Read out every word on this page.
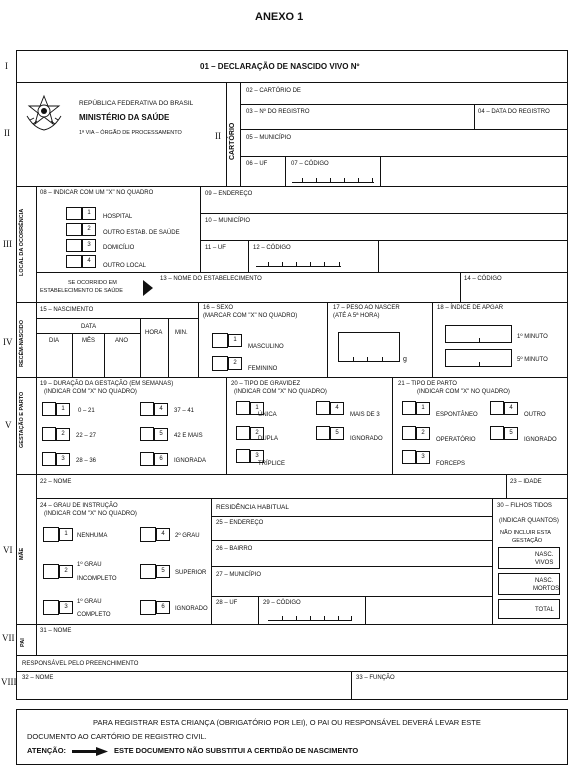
ANEXO 1
I
II
III
IV
V
VI
VII
VIII
01 – DECLARAÇÃO DE NASCIDO VIVO Nº
REPÚBLICA FEDERATIVA DO BRASIL
MINISTÉRIO DA SAÚDE
1ª VIA – ÓRGÃO DE PROCESSAMENTO	II CARTÓRIO
02 – CARTÓRIO DE
03 – Nº DO REGISTRO	04 – DATA DO REGISTRO
05 – MUNICÍPIO
06 – UF	07 – CÓDIGO
LOCAL DA OCORRÊNCIA
08 – INDICAR COM UM "X" NO QUADRO
1
HOSPITAL
2
OUTRO ESTAB. DE SAÚDE
3	DOMICÍLIO
4
OUTRO LOCAL
09 – ENDEREÇO
10 – MUNICÍPIO
11 – UF	12 – CÓDIGO
SE OCORRIDO EM
ESTABELECIMENTO DE SAÚDE
13 – NOME DO ESTABELECIMENTO	14 – CÓDIGO
RECÉM-NASCIDO
15 – NASCIMENTO
DATA
DIA	MÊS	ANO
HORA MIN.
16 – SEXO
(MARCAR COM "X" NO QUADRO)
1
MASCULINO
2
FEMININO
17 – PESO AO NASCER
(ATÉ A 5ª HORA)
g
18 – ÍNDICE DE APGAR
1º MINUTO
5º MINUTO
GESTAÇÃO E PARTO
19 – DURAÇÃO DA GESTAÇÃO (EM SEMANAS)
(INDICAR COM "X" NO QUADRO)
1	0 – 21
2	22 – 27
3	28 – 36
4	37 – 41
5	42 E MAIS
6	IGNORADA
20 – TIPO DE GRAVIDEZ
(INDICAR COM "X" NO QUADRO)
1
ÚNICA
2
DUPLA
3
TRÍPLICE
4
MAIS DE 3
5
IGNORADO
21 – TIPO DE PARTO
(INDICAR COM "X" NO QUADRO)
1
ESPONTÂNEO
2
OPERATÓRIO
3
FORCEPS
4
OUTRO
5
IGNORADO
MÃE
22 – NOME	23 – IDADE
24 – GRAU DE INSTRUÇÃO
(INDICAR COM "X" NO QUADRO)
1	NENHUMA
2
1º GRAU
INCOMPLETO
3
1º GRAU
COMPLETO
4	2º GRAU
5	SUPERIOR
6	IGNORADO
RESIDÊNCIA HABITUAL
25 – ENDEREÇO
26 – BAIRRO
27 – MUNICÍPIO
28 – UF	29 – CÓDIGO
30 – FILHOS TIDOS
(INDICAR QUANTOS)
NÃO INCLUIR ESTA
GESTAÇÃO
NASC.
VIVOS
NASC.
MORTOS
TOTAL
PAI
31 – NOME
RESPONSÁVEL PELO PREENCHIMENTO
32 – NOME	33 – FUNÇÃO
PARA REGISTRAR ESTA CRIANÇA (OBRIGATÓRIO POR LEI), O PAI OU RESPONSÁVEL DEVERÁ LEVAR ESTE
DOCUMENTO AO CARTÓRIO DE REGISTRO CIVIL.
ATENÇÃO:	ESTE DOCUMENTO NÃO SUBSTITUI A CERTIDÃO DE NASCIMENTO
